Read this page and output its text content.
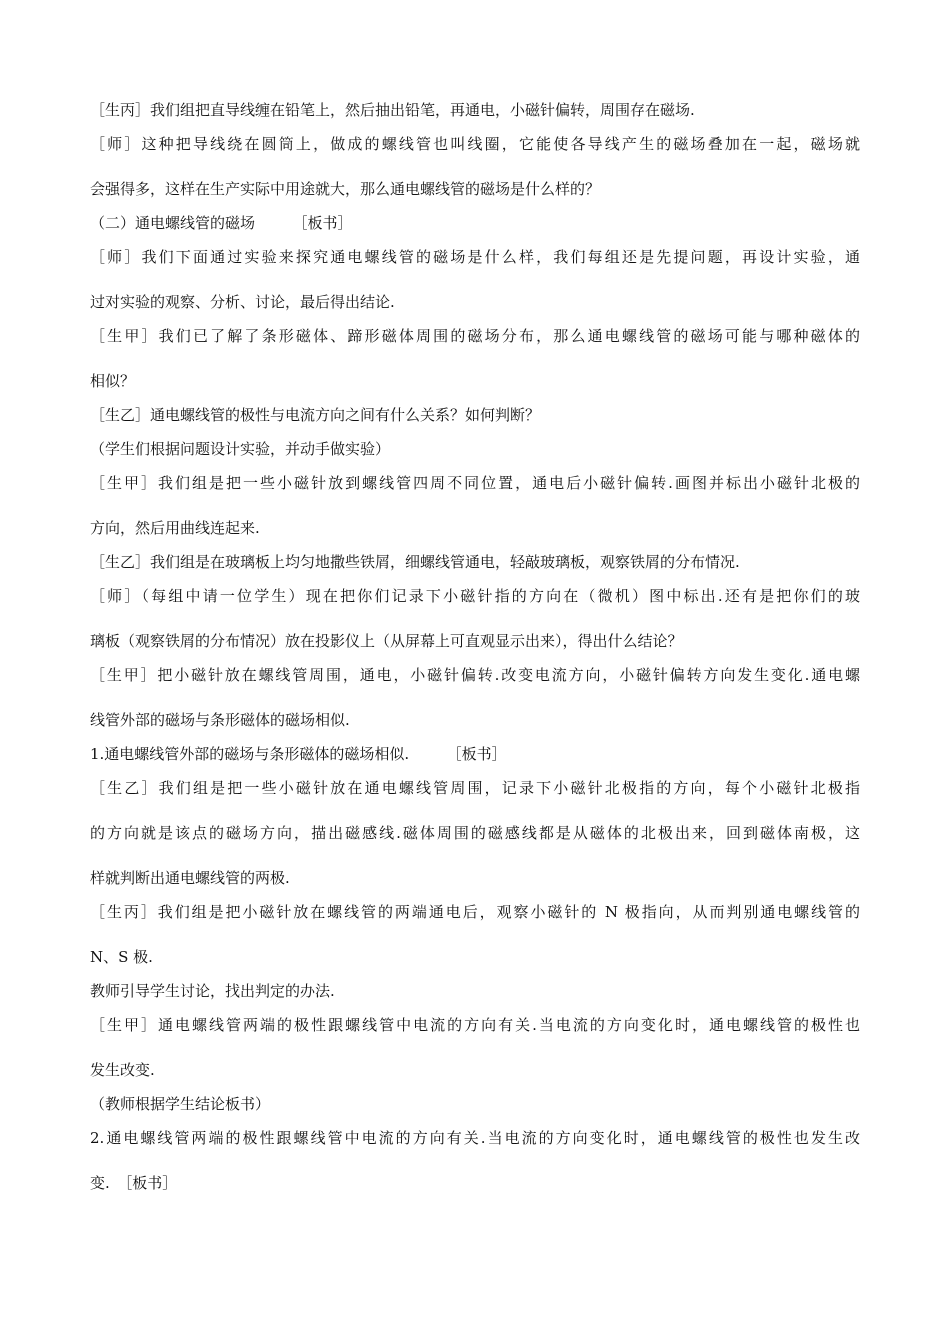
［生丙］我们组把直导线缠在铅笔上，然后抽出铅笔，再通电，小磁针偏转，周围存在磁场.
［师］这种把导线绕在圆筒上，做成的螺线管也叫线圈，它能使各导线产生的磁场叠加在一起，磁场就
会强得多，这样在生产实际中用途就大，那么通电螺线管的磁场是什么样的？
（二）通电螺线管的磁场　　　［板书］
［师］我们下面通过实验来探究通电螺线管的磁场是什么样，我们每组还是先提问题，再设计实验，通
过对实验的观察、分析、讨论，最后得出结论.
［生甲］我们已了解了条形磁体、蹄形磁体周围的磁场分布，那么通电螺线管的磁场可能与哪种磁体的
相似？
［生乙］通电螺线管的极性与电流方向之间有什么关系？如何判断？
（学生们根据问题设计实验，并动手做实验）
［生甲］我们组是把一些小磁针放到螺线管四周不同位置，通电后小磁针偏转.画图并标出小磁针北极的
方向，然后用曲线连起来.
［生乙］我们组是在玻璃板上均匀地撒些铁屑，细螺线管通电，轻敲玻璃板，观察铁屑的分布情况.
［师］（每组中请一位学生）现在把你们记录下小磁针指的方向在（微机）图中标出.还有是把你们的玻
璃板（观察铁屑的分布情况）放在投影仪上（从屏幕上可直观显示出来），得出什么结论？
［生甲］把小磁针放在螺线管周围，通电，小磁针偏转.改变电流方向，小磁针偏转方向发生变化.通电螺
线管外部的磁场与条形磁体的磁场相似.
1.通电螺线管外部的磁场与条形磁体的磁场相似.　　　［板书］
［生乙］我们组是把一些小磁针放在通电螺线管周围，记录下小磁针北极指的方向，每个小磁针北极指
的方向就是该点的磁场方向，描出磁感线.磁体周围的磁感线都是从磁体的北极出来，回到磁体南极，这
样就判断出通电螺线管的两极.
［生丙］我们组是把小磁针放在螺线管的两端通电后，观察小磁针的 N 极指向，从而判别通电螺线管的
N、S 极.
教师引导学生讨论，找出判定的办法.
［生甲］通电螺线管两端的极性跟螺线管中电流的方向有关.当电流的方向变化时，通电螺线管的极性也
发生改变.
（教师根据学生结论板书）
2.通电螺线管两端的极性跟螺线管中电流的方向有关.当电流的方向变化时，通电螺线管的极性也发生改
变.　［板书］
